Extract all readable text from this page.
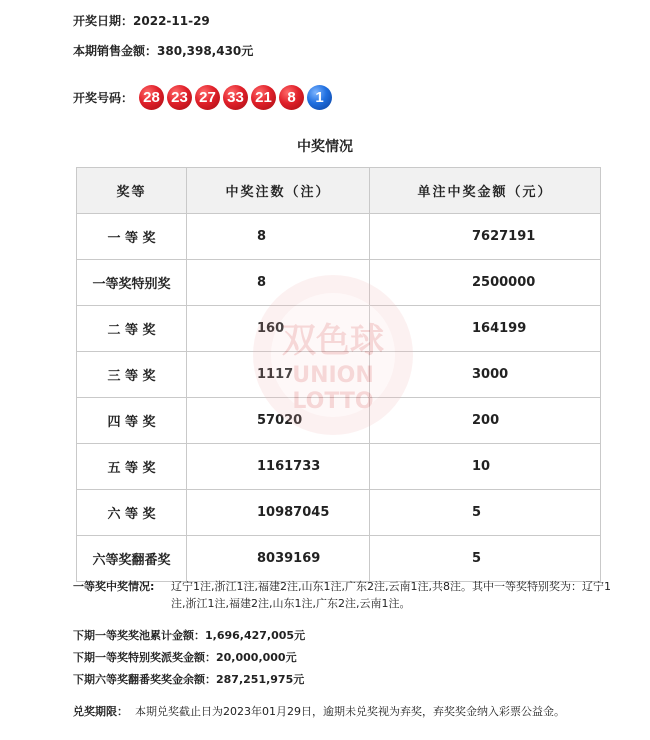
开奖日期：2022-11-29
本期销售金额：380,398,430元
开奖号码： 28 23 27 33 21	8	1
中奖情况
奖等	中奖注数（注）	单注中奖金额（元）
一 等 奖	8	7627191
一等奖特别奖	8	2500000
二 等 奖	160	164199
三 等 奖	1117	3000
四 等 奖	57020	200
五 等 奖	1161733	10
六 等 奖	10987045	5
六等奖翻番奖	8039169	5
双色球
UNION
LOTTO
一等奖中奖情况: 辽宁1注,浙江1注,福建2注,山东1注,广东2注,云南1注,共8注。其中一等奖特别奖为：辽宁1注,浙江1注,福建2注,山东1注,广东2注,云南1注。
下期一等奖奖池累计金额：1,696,427,005元
下期一等奖特别奖派奖金额：20,000,000元
下期六等奖翻番奖奖金余额：287,251,975元
兑奖期限： 本期兑奖截止日为2023年01月29日，逾期未兑奖视为弃奖，弃奖奖金纳入彩票公益金。
